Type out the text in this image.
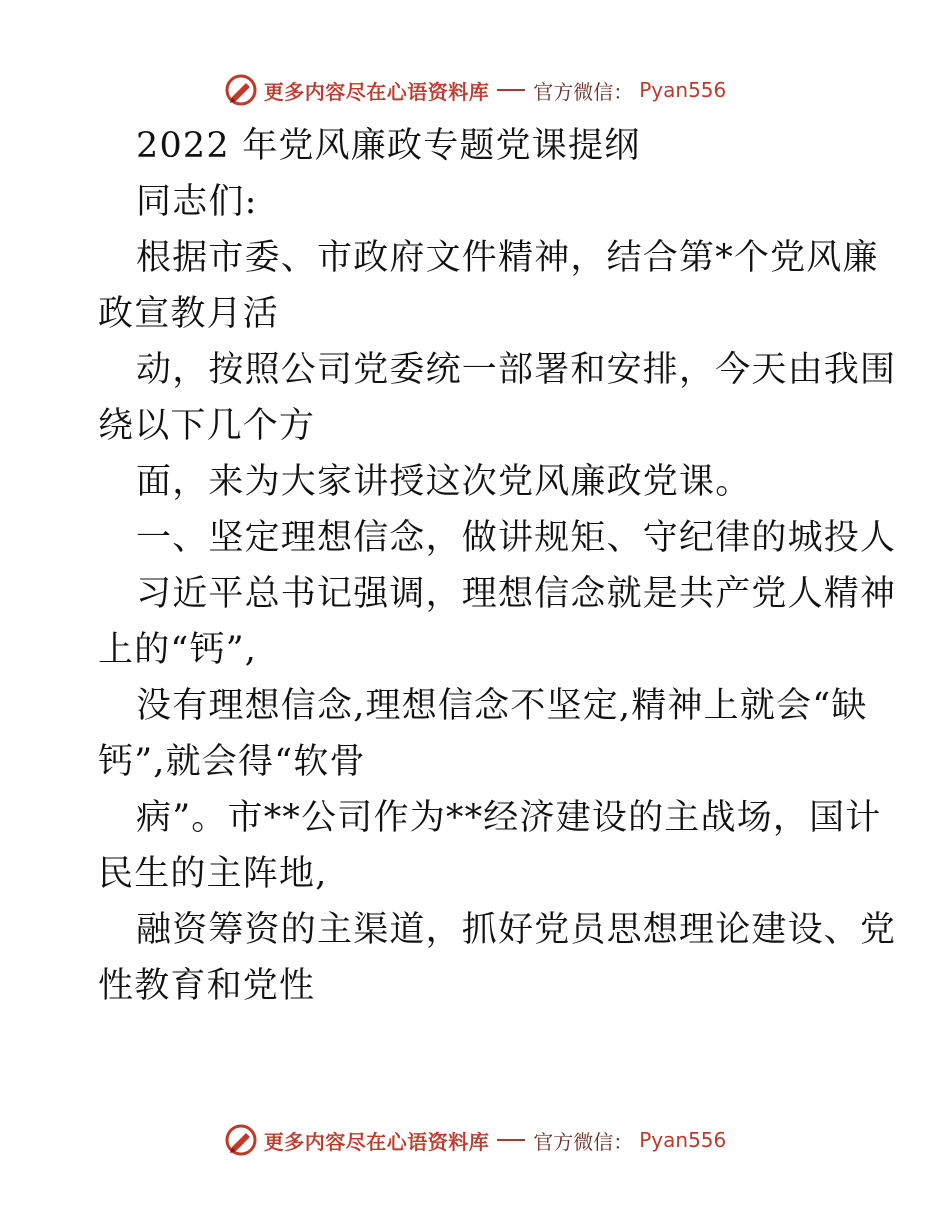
更多内容尽在心语资料库 官方微信： Pyan556
2022 年党风廉政专题党课提纲
同志们:
根据市委、市政府文件精神，结合第*个党风廉
政宣教月活
动，按照公司党委统一部署和安排，今天由我围
绕以下几个方
面，来为大家讲授这次党风廉政党课。
一、坚定理想信念，做讲规矩、守纪律的城投人
习近平总书记强调，理想信念就是共产党人精神
上的“钙”,
没有理想信念,理想信念不坚定,精神上就会“缺
钙”,就会得“软骨
病”。市**公司作为**经济建设的主战场，国计
民生的主阵地,
融资筹资的主渠道，抓好党员思想理论建设、党
性教育和党性
更多内容尽在心语资料库 官方微信： Pyan556
